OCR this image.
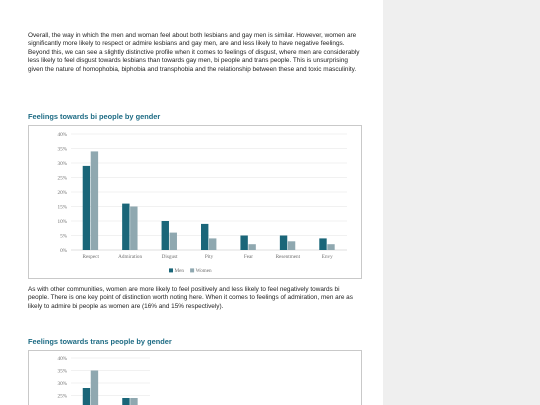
Overall, the way in which the men and woman feel about both lesbians and gay men is similar. However, women are significantly more likely to respect or admire lesbians and gay men, are and less likely to have negative feelings. Beyond this, we can see a slightly distinctive profile when it comes to feelings of disgust, where men are considerably less likely to feel disgust towards lesbians than towards gay men, bi people and trans people. This is unsurprising given the nature of homophobia, biphobia and transphobia and the relationship between these and toxic masculinity.

Feelings towards bi people by gender
0%
5%
10%
15%
20%
25%
30%
35%
40%
Respect	Admiration	Disgust	Pity	Fear	Resentment	Envy
Men Women

As with other communities, women are more likely to feel positively and less likely to feel negatively towards bi people. There is one key point of distinction worth noting here. When it comes to feelings of admiration, men are as likely to admire bi people as women are (16% and 15% respectively).

Feelings towards trans people by gender
25%
30%
35%
40%
